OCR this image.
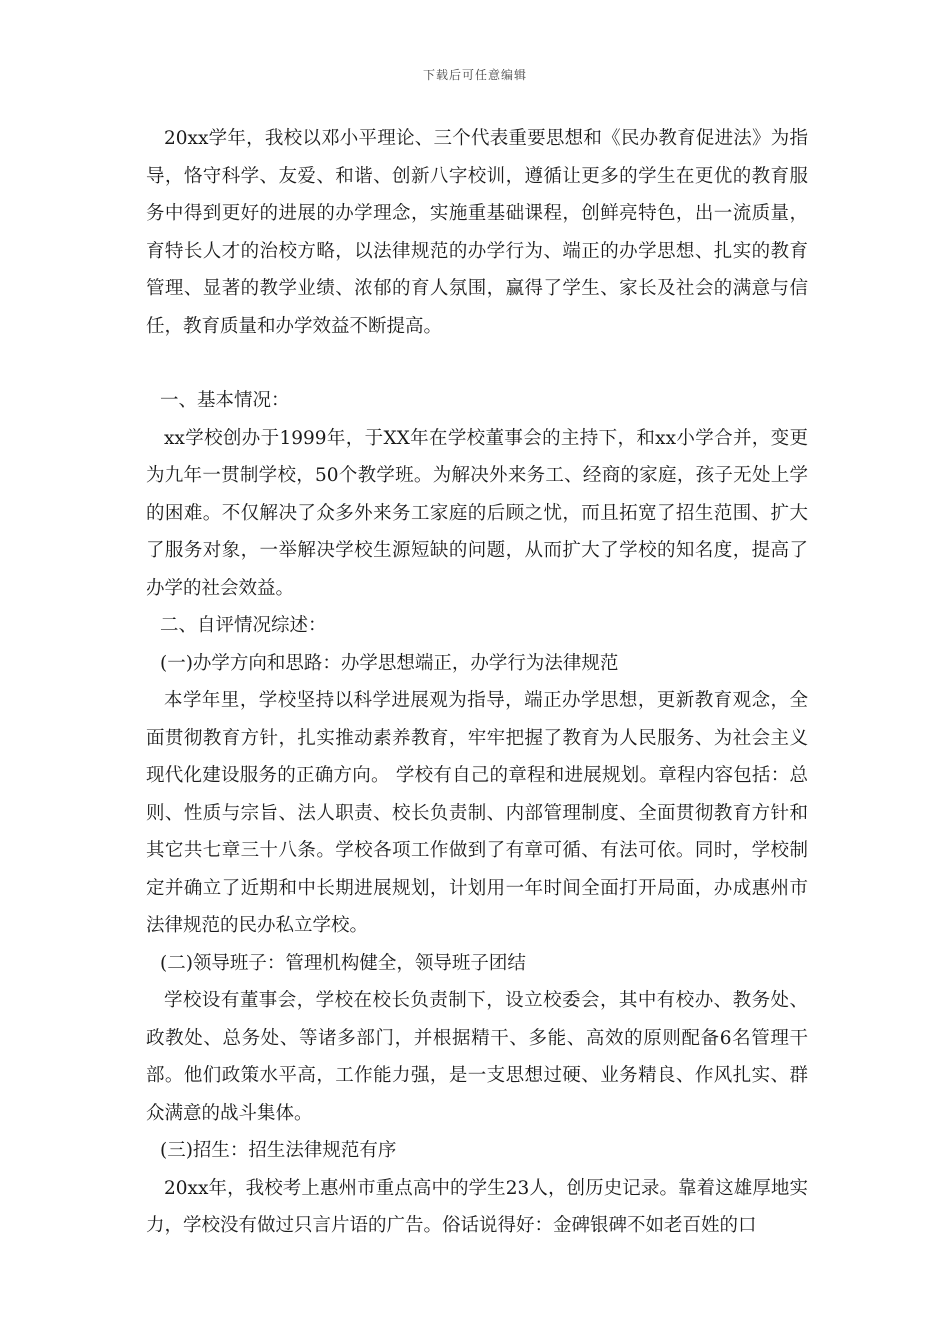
下载后可任意编辑

20xx学年，我校以邓小平理论、三个代表重要思想和《民办教育促进法》为指导，恪守科学、友爱、和谐、创新八字校训，遵循让更多的学生在更优的教育服务中得到更好的进展的办学理念，实施重基础课程，创鲜亮特色，出一流质量，育特长人才的治校方略，以法律规范的办学行为、端正的办学思想、扎实的教育管理、显著的教学业绩、浓郁的育人氛围，赢得了学生、家长及社会的满意与信任，教育质量和办学效益不断提高。

一、基本情况：

xx学校创办于1999年，于XX年在学校董事会的主持下，和xx小学合并，变更为九年一贯制学校，50个教学班。为解决外来务工、经商的家庭，孩子无处上学的困难。不仅解决了众多外来务工家庭的后顾之忧，而且拓宽了招生范围、扩大了服务对象，一举解决学校生源短缺的问题，从而扩大了学校的知名度，提高了办学的社会效益。

二、自评情况综述：

(一)办学方向和思路：办学思想端正，办学行为法律规范

本学年里，学校坚持以科学进展观为指导，端正办学思想，更新教育观念，全面贯彻教育方针，扎实推动素养教育，牢牢把握了教育为人民服务、为社会主义现代化建设服务的正确方向。 学校有自己的章程和进展规划。章程内容包括：总则、性质与宗旨、法人职责、校长负责制、内部管理制度、全面贯彻教育方针和其它共七章三十八条。学校各项工作做到了有章可循、有法可依。同时，学校制定并确立了近期和中长期进展规划，计划用一年时间全面打开局面，办成惠州市法律规范的民办私立学校。

(二)领导班子：管理机构健全，领导班子团结

学校设有董事会，学校在校长负责制下，设立校委会，其中有校办、教务处、政教处、总务处、等诸多部门，并根据精干、多能、高效的原则配备6名管理干部。他们政策水平高，工作能力强，是一支思想过硬、业务精良、作风扎实、群众满意的战斗集体。

(三)招生：招生法律规范有序

20xx年，我校考上惠州市重点高中的学生23人，创历史记录。靠着这雄厚地实力，学校没有做过只言片语的广告。俗话说得好：金碑银碑不如老百姓的口
